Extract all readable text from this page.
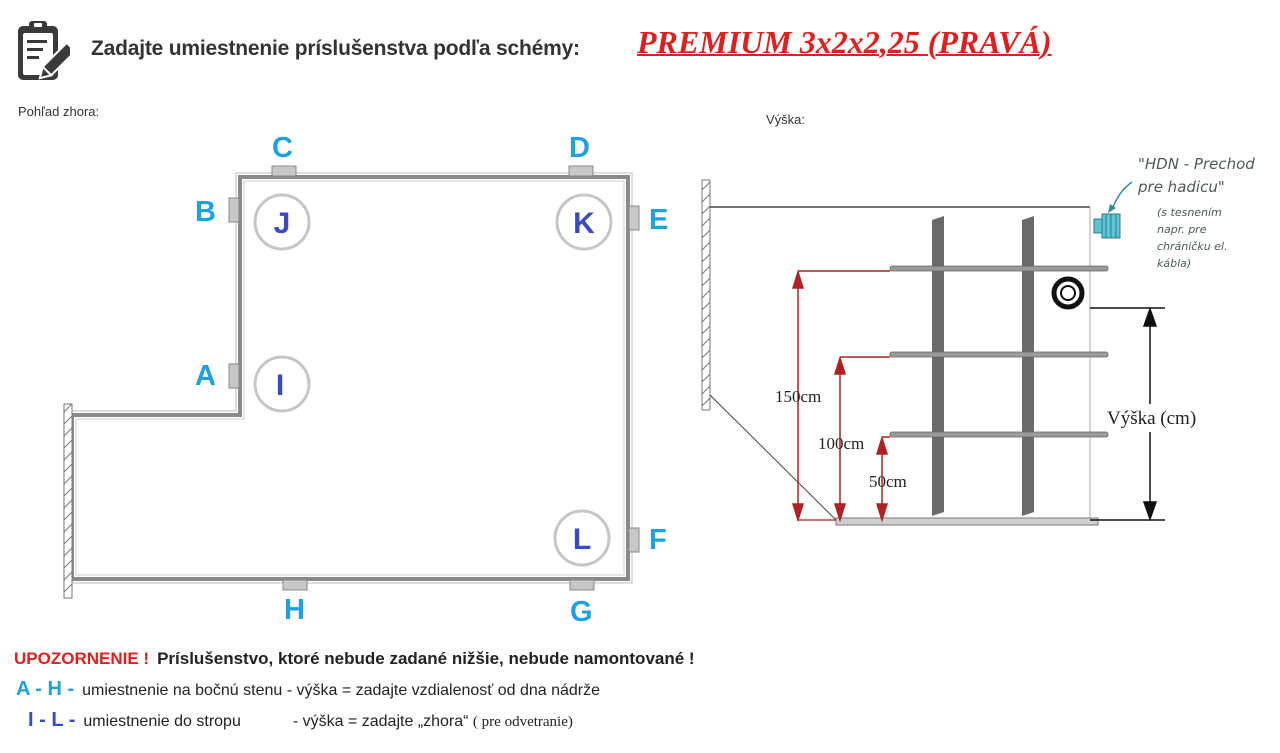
Zadajte umiestnenie príslušenstva podľa schémy: PREMIUM 3x2x2,25 (PRAVÁ)
Pohľad zhora:
Výška:
C	D
B	E
A
F
H	G
J	K
I
L
150cm
100cm
50cm
Výška (cm)
"HDN - Prechod
pre hadicu"
(s tesnením
napr. pre
chráničku el.
kábla)
UPOZORNENIE ! Príslušenstvo, ktoré nebude zadané nižšie, nebude namontované !
A - H - umiestnenie na bočnú stenu - výška = zadajte vzdialenosť od dna nádrže
I - L - umiestnenie do stropu	- výška = zadajte „zhora“ ( pre odvetranie)
